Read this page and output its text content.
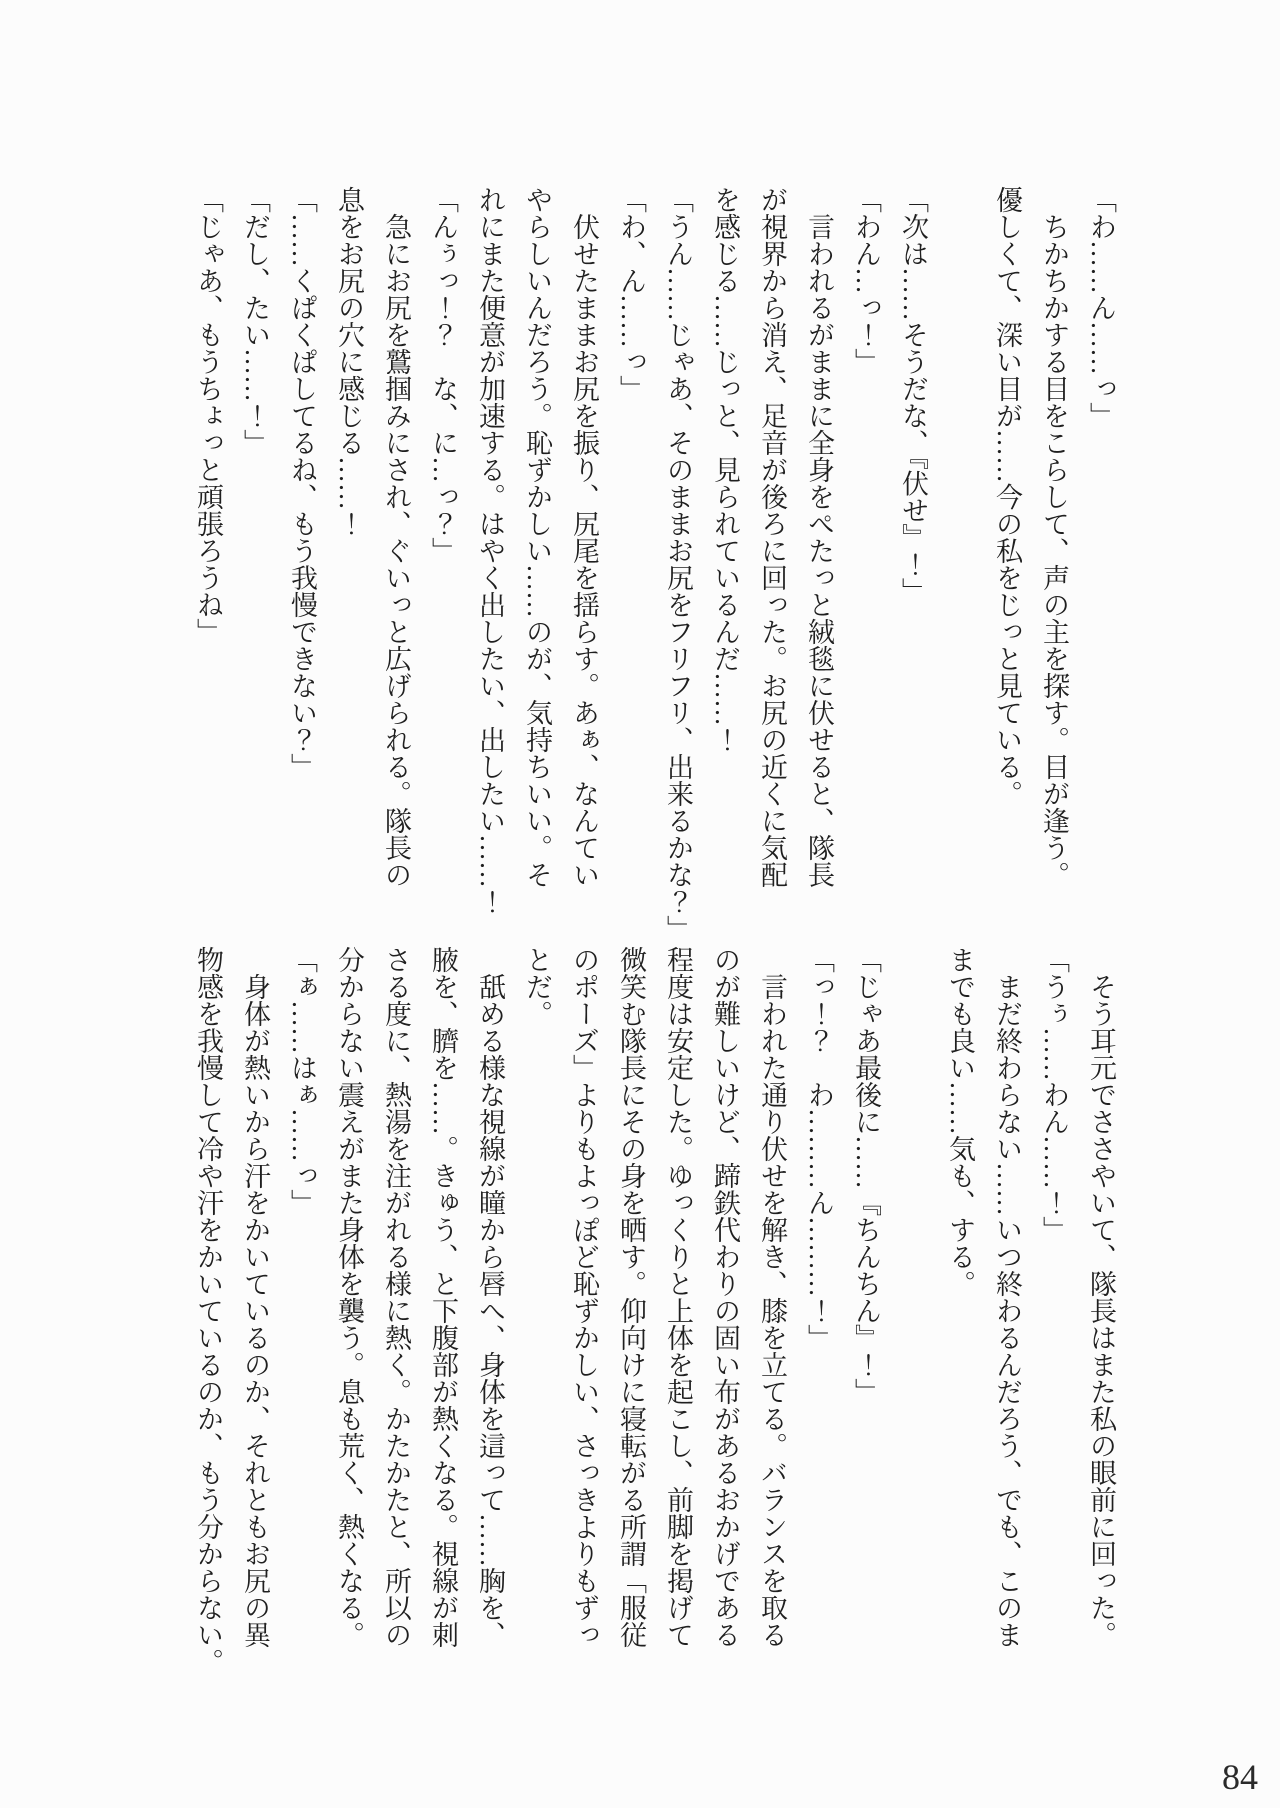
「わ……ん……っ」

　ちかちかする目をこらして、声の主を探す。目が逢う。

優しくて、深い目が……今の私をじっと見ている。

「次は……そうだな、『伏せ』！」

「わん…っ！」

　言われるがままに全身をぺたっと絨毯に伏せると、隊長

が視界から消え、足音が後ろに回った。お尻の近くに気配

を感じる……じっと、見られているんだ……！

「うん……じゃあ、そのままお尻をフリフリ、出来るかな？」

「わ、ん……っ」

　伏せたままお尻を振り、尻尾を揺らす。あぁ、なんてい

やらしいんだろう。恥ずかしい……のが、気持ちいい。そ

れにまた便意が加速する。はやく出したい、出したい……！

「んぅっ！？　な、に…っ？」

　急にお尻を鷲掴みにされ、ぐいっと広げられる。隊長の

息をお尻の穴に感じる……！

「……くぱくぱしてるね、もう我慢できない？」

「だし、たい……！」

「じゃあ、もうちょっと頑張ろうね」

　そう耳元でささやいて、隊長はまた私の眼前に回った。

「うぅ……わん……！」

　まだ終わらない……いつ終わるんだろう、でも、このま

までも良い……気も、する。

「じゃあ最後に……『ちんちん』！」

「っ！？　わ………ん………！」

　言われた通り伏せを解き、膝を立てる。バランスを取る

のが難しいけど、蹄鉄代わりの固い布があるおかげである

程度は安定した。ゆっくりと上体を起こし、前脚を掲げて

微笑む隊長にその身を晒す。仰向けに寝転がる所謂「服従

のポーズ」よりもよっぽど恥ずかしい、さっきよりもずっ

とだ。

　舐める様な視線が瞳から唇へ、身体を這って……胸を、

腋を、臍を……。きゅう、と下腹部が熱くなる。視線が刺

さる度に、熱湯を注がれる様に熱く。かたかたと、所以の

分からない震えがまた身体を襲う。息も荒く、熱くなる。

「ぁ……はぁ……っ」

　身体が熱いから汗をかいているのか、それともお尻の異

物感を我慢して冷や汗をかいているのか、もう分からない。

84
